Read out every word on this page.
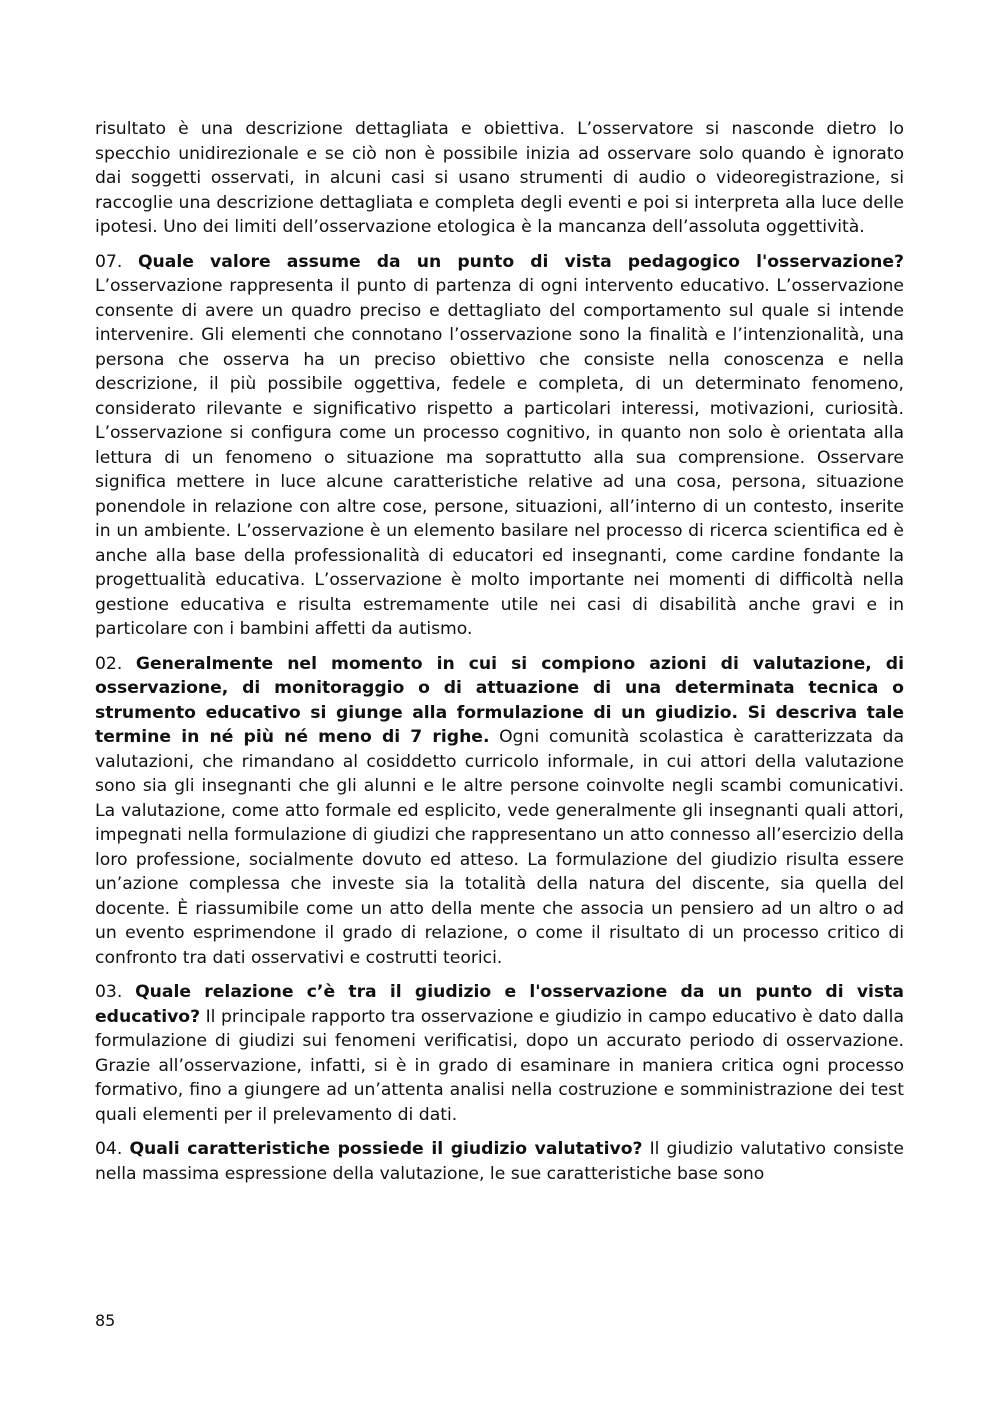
risultato è una descrizione dettagliata e obiettiva. L’osservatore si nasconde dietro lo specchio unidirezionale e se ciò non è possibile inizia ad osservare solo quando è ignorato dai soggetti osservati, in alcuni casi si usano strumenti di audio o videoregistrazione, si raccoglie una descrizione dettagliata e completa degli eventi e poi si interpreta alla luce delle ipotesi. Uno dei limiti dell’osservazione etologica è la mancanza dell’assoluta oggettività.

07. Quale valore assume da un punto di vista pedagogico l'osservazione? L’osservazione rappresenta il punto di partenza di ogni intervento educativo. L’osservazione consente di avere un quadro preciso e dettagliato del comportamento sul quale si intende intervenire. Gli elementi che connotano l’osservazione sono la finalità e l’intenzionalità, una persona che osserva ha un preciso obiettivo che consiste nella conoscenza e nella descrizione, il più possibile oggettiva, fedele e completa, di un determinato fenomeno, considerato rilevante e significativo rispetto a particolari interessi, motivazioni, curiosità. L’osservazione si configura come un processo cognitivo, in quanto non solo è orientata alla lettura di un fenomeno o situazione ma soprattutto alla sua comprensione. Osservare significa mettere in luce alcune caratteristiche relative ad una cosa, persona, situazione ponendole in relazione con altre cose, persone, situazioni, all’interno di un contesto, inserite in un ambiente. L’osservazione è un elemento basilare nel processo di ricerca scientifica ed è anche alla base della professionalità di educatori ed insegnanti, come cardine fondante la progettualità educativa. L’osservazione è molto importante nei momenti di difficoltà nella gestione educativa e risulta estremamente utile nei casi di disabilità anche gravi e in particolare con i bambini affetti da autismo.

02. Generalmente nel momento in cui si compiono azioni di valutazione, di osservazione, di monitoraggio o di attuazione di una determinata tecnica o strumento educativo si giunge alla formulazione di un giudizio. Si descriva tale termine in né più né meno di 7 righe. Ogni comunità scolastica è caratterizzata da valutazioni, che rimandano al cosiddetto curricolo informale, in cui attori della valutazione sono sia gli insegnanti che gli alunni e le altre persone coinvolte negli scambi comunicativi. La valutazione, come atto formale ed esplicito, vede generalmente gli insegnanti quali attori, impegnati nella formulazione di giudizi che rappresentano un atto connesso all’esercizio della loro professione, socialmente dovuto ed atteso. La formulazione del giudizio risulta essere un’azione complessa che investe sia la totalità della natura del discente, sia quella del docente. È riassumibile come un atto della mente che associa un pensiero ad un altro o ad un evento esprimendone il grado di relazione, o come il risultato di un processo critico di confronto tra dati osservativi e costrutti teorici.

03. Quale relazione c’è tra il giudizio e l'osservazione da un punto di vista educativo? Il principale rapporto tra osservazione e giudizio in campo educativo è dato dalla formulazione di giudizi sui fenomeni verificatisi, dopo un accurato periodo di osservazione. Grazie all’osservazione, infatti, si è in grado di esaminare in maniera critica ogni processo formativo, fino a giungere ad un’attenta analisi nella costruzione e somministrazione dei test quali elementi per il prelevamento di dati.

04. Quali caratteristiche possiede il giudizio valutativo? Il giudizio valutativo consiste nella massima espressione della valutazione, le sue caratteristiche base sono

85
